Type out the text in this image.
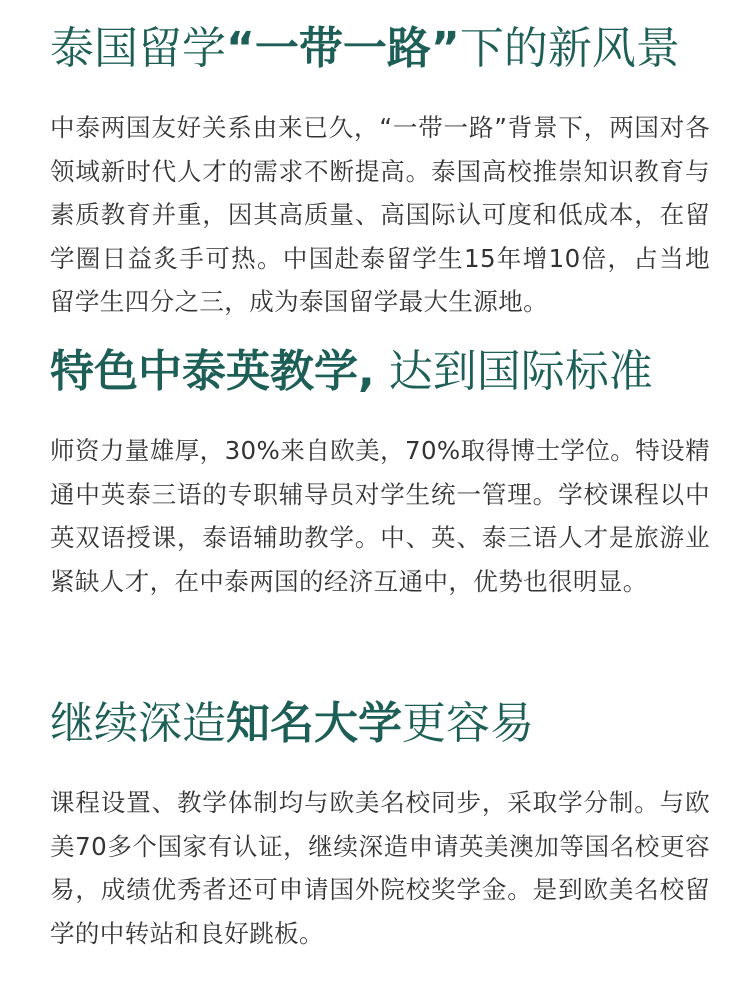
泰国留学“一带一路”下的新风景

中泰两国友好关系由来已久，“一带一路”背景下，两国对各领域新时代人才的需求不断提高。泰国高校推崇知识教育与素质教育并重，因其高质量、高国际认可度和低成本，在留学圈日益炙手可热。中国赴泰留学生15年增10倍，占当地留学生四分之三，成为泰国留学最大生源地。

特色中泰英教学, 达到国际标准

师资力量雄厚，30%来自欧美，70%取得博士学位。特设精通中英泰三语的专职辅导员对学生统一管理。学校课程以中英双语授课，泰语辅助教学。中、英、泰三语人才是旅游业紧缺人才，在中泰两国的经济互通中，优势也很明显。

继续深造知名大学更容易

课程设置、教学体制均与欧美名校同步，采取学分制。与欧美70多个国家有认证，继续深造申请英美澳加等国名校更容易，成绩优秀者还可申请国外院校奖学金。是到欧美名校留学的中转站和良好跳板。
